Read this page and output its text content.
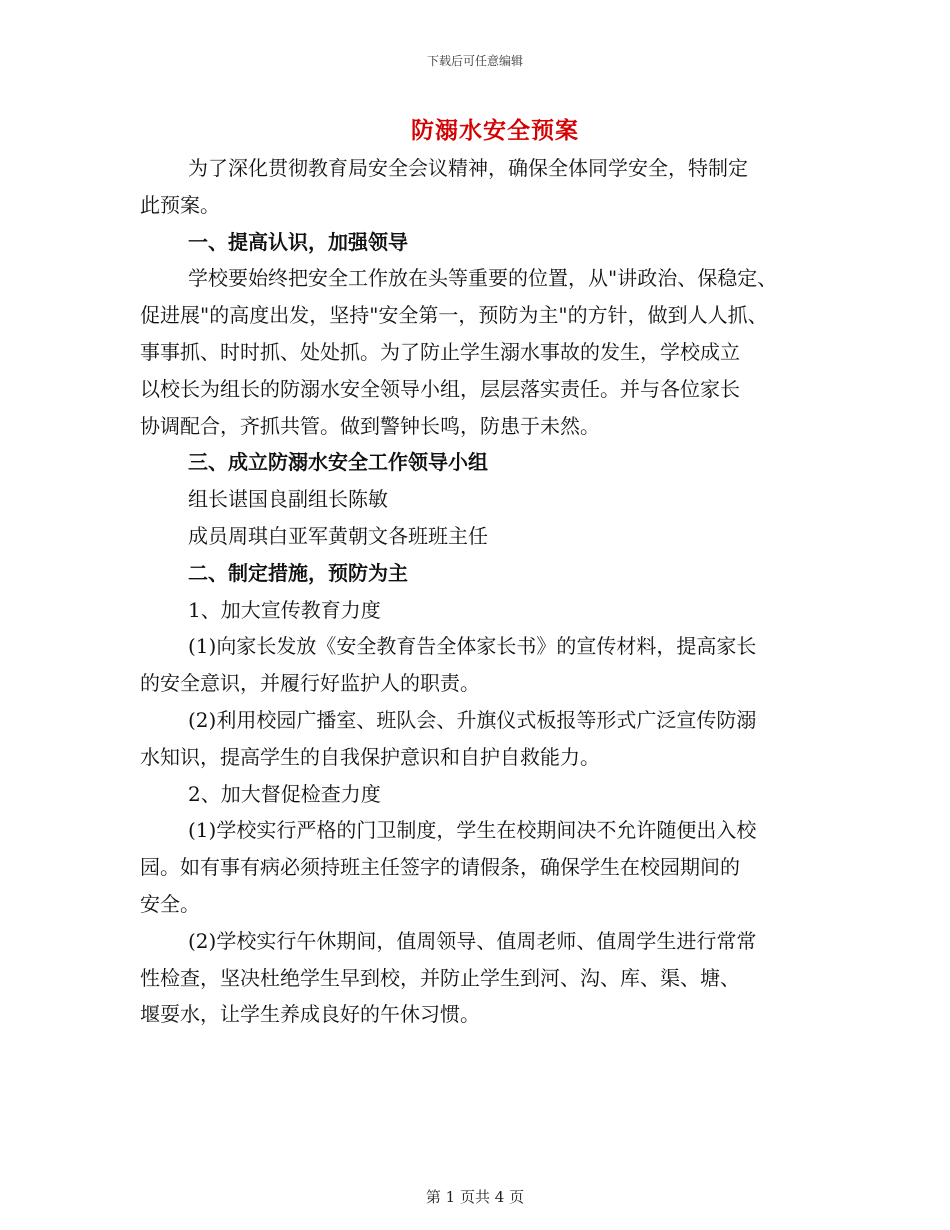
下载后可任意编辑
防溺水安全预案

为了深化贯彻教育局安全会议精神，确保全体同学安全，特制定

此预案。

一、提高认识，加强领导

学校要始终把安全工作放在头等重要的位置，从"讲政治、保稳定、

促进展"的高度出发，坚持"安全第一，预防为主"的方针，做到人人抓、

事事抓、时时抓、处处抓。为了防止学生溺水事故的发生，学校成立

以校长为组长的防溺水安全领导小组，层层落实责任。并与各位家长

协调配合，齐抓共管。做到警钟长鸣，防患于未然。

三、成立防溺水安全工作领导小组

组长谌国良副组长陈敏

成员周琪白亚军黄朝文各班班主任

二、制定措施，预防为主

1、加大宣传教育力度

(1)向家长发放《安全教育告全体家长书》的宣传材料，提高家长

的安全意识，并履行好监护人的职责。

(2)利用校园广播室、班队会、升旗仪式板报等形式广泛宣传防溺

水知识，提高学生的自我保护意识和自护自救能力。

2、加大督促检查力度

(1)学校实行严格的门卫制度，学生在校期间决不允许随便出入校

园。如有事有病必须持班主任签字的请假条，确保学生在校园期间的

安全。

(2)学校实行午休期间，值周领导、值周老师、值周学生进行常常

性检查，坚决杜绝学生早到校，并防止学生到河、沟、库、渠、塘、

堰耍水，让学生养成良好的午休习惯。

第 1 页共 4 页
